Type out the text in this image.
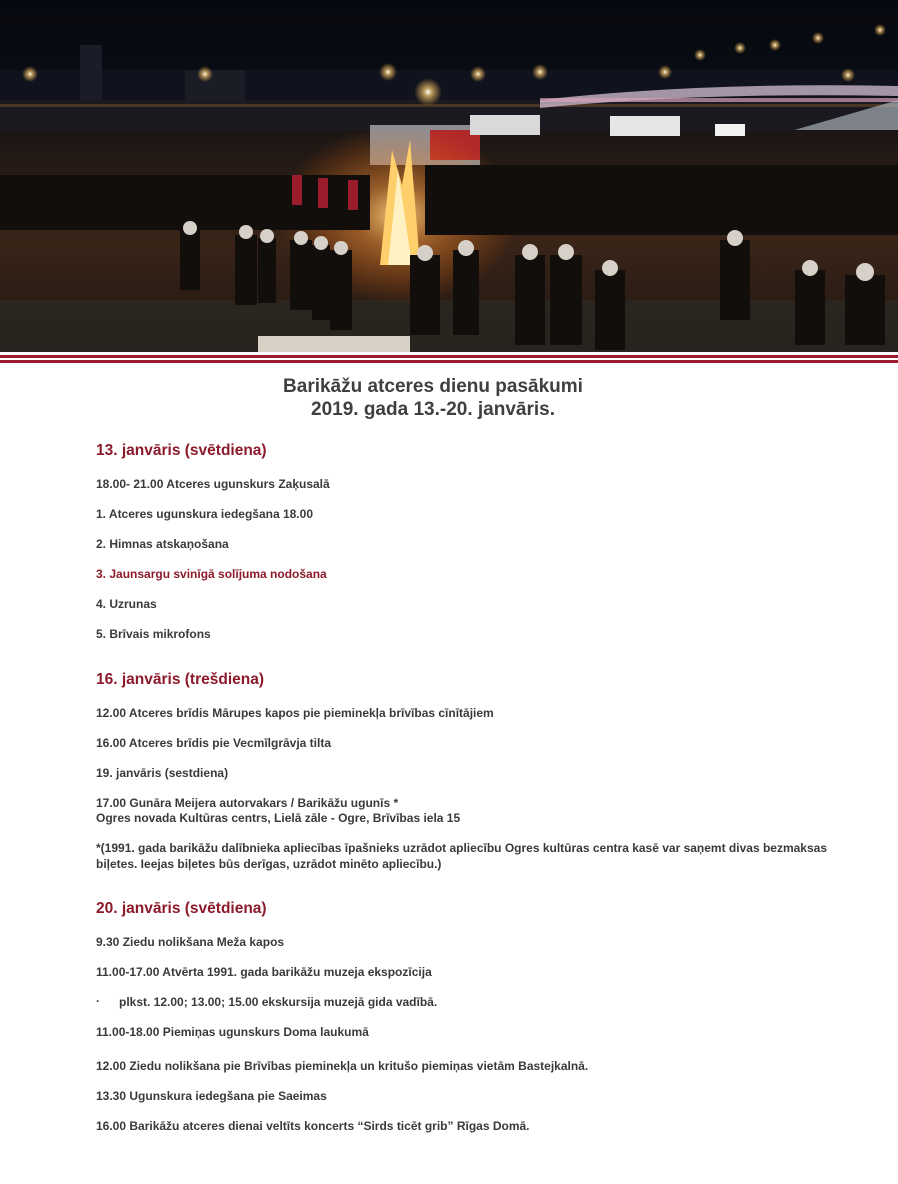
Barikāžu atceres dienu pasākumi
2019. gada 13.-20. janvāris.
13. janvāris (svētdiena)
18.00- 21.00 Atceres ugunskurs Zaķusalā
1. Atceres ugunskura iedegšana 18.00
2. Himnas atskaņošana
3. Jaunsargu svinīgā solījuma nodošana
4. Uzrunas
5. Brīvais mikrofons
16. janvāris (trešdiena)
12.00 Atceres brīdis Mārupes kapos pie pieminekļa brīvības cīnītājiem
16.00 Atceres brīdis pie Vecmīlgrāvja tilta
19. janvāris (sestdiena)
17.00 Gunāra Meijera autorvakars / Barikāžu ugunīs *
Ogres novada Kultūras centrs, Lielā zāle - Ogre, Brīvības iela 15
*(1991. gada barikāžu dalībnieka apliecības īpašnieks uzrādot apliecību Ogres kultūras centra kasē var saņemt divas bezmaksas biļetes. Ieejas biļetes būs derīgas, uzrādot minēto apliecību.)
20. janvāris (svētdiena)
9.30 Ziedu nolikšana Meža kapos
11.00-17.00 Atvērta 1991. gada barikāžu muzeja ekspozīcija
· plkst. 12.00; 13.00; 15.00 ekskursija muzejā gida vadībā.
11.00-18.00 Piemiņas ugunskurs Doma laukumā
12.00 Ziedu nolikšana pie Brīvības pieminekļa un kritušo piemiņas vietām Bastejkalnā.
13.30 Ugunskura iedegšana pie Saeimas
16.00 Barikāžu atceres dienai veltīts koncerts “Sirds ticēt grib” Rīgas Domā.
